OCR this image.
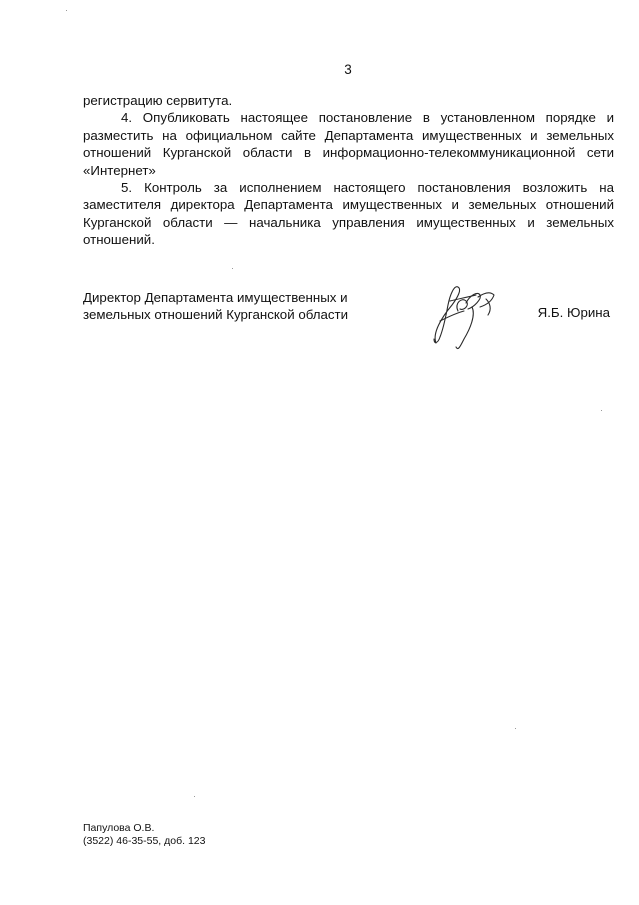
3

регистрацию сервитута.

4. Опубликовать настоящее постановление в установленном порядке и разместить на официальном сайте Департамента имущественных и земельных отношений Курганской области в информационно-телекоммуникационной сети «Интернет»

5. Контроль за исполнением настоящего постановления возложить на заместителя директора Департамента имущественных и земельных отношений Курганской области — начальника управления имущественных и земельных отношений.

Директор Департамента имущественных и
земельных отношений Курганской области	Я.Б. Юрина
Папулова О.В.
(3522) 46-35-55, доб. 123
